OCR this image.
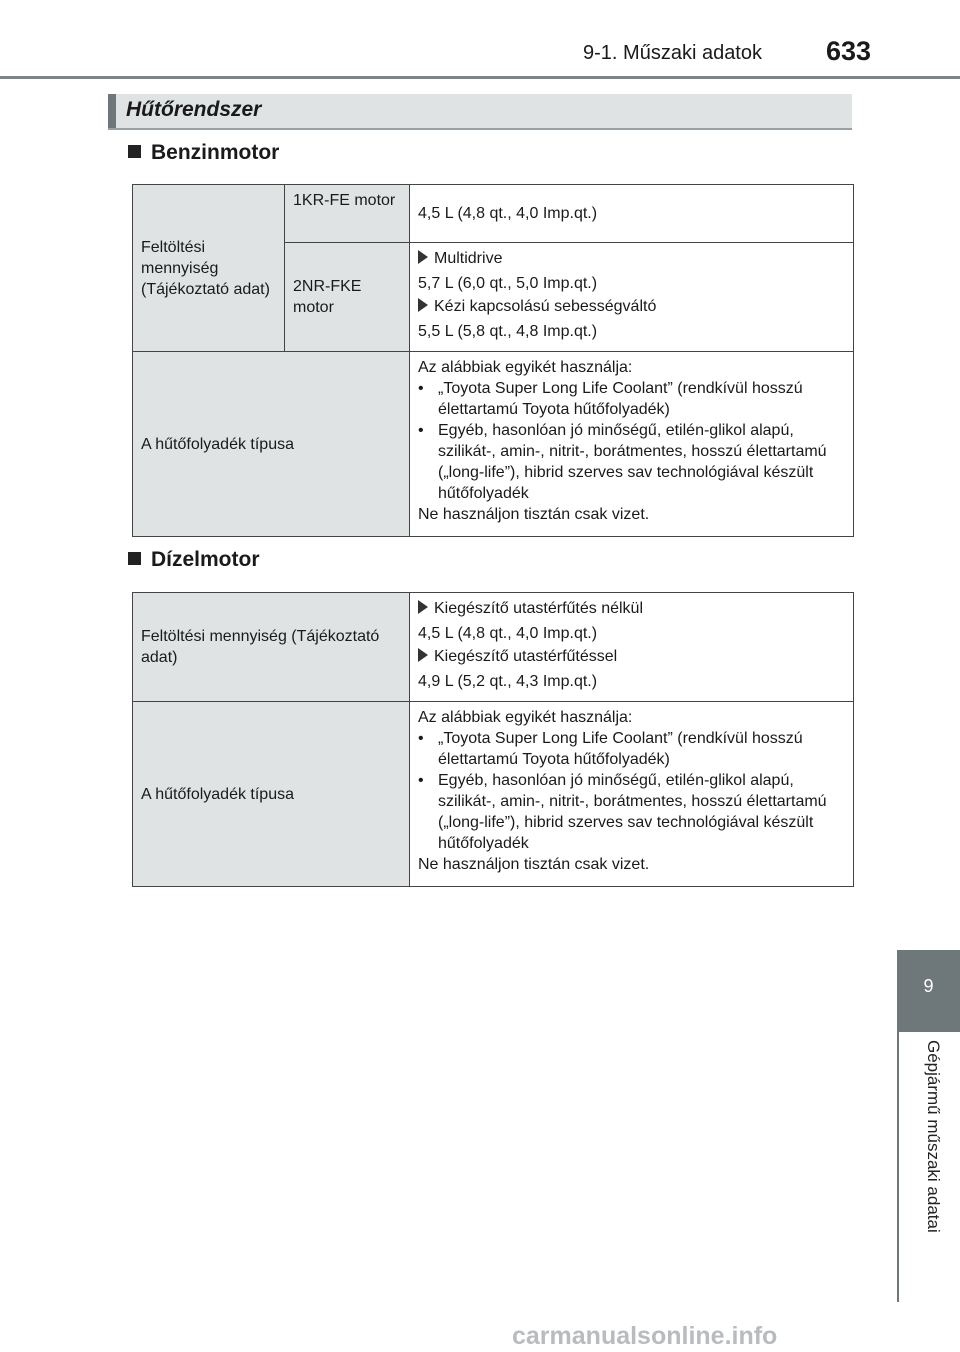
9-1. Műszaki adatok 633
Hűtőrendszer
Benzinmotor
Feltöltési mennyiség (Tájékoztató adat)	1KR-FE motor	4,5 L (4,8 qt., 4,0 Imp.qt.)
	2NR-FKE motor	Multidrive

5,7 L (6,0 qt., 5,0 Imp.qt.)

Kézi kapcsolású sebességváltó

5,5 L (5,8 qt., 4,8 Imp.qt.)

A hűtőfolyadék típusa		Az alábbiak egyikét használja:

• „Toyota Super Long Life Coolant” (rendkívül hosszú élettartamú Toyota hűtőfolyadék)

• Egyéb, hasonlóan jó minőségű, etilén-glikol alapú, szilikát-, amin-, nitrit-, borátmentes, hosszú élettartamú („long-life”), hibrid szerves sav technológiával készült hűtőfolyadék

Ne használjon tisztán csak vizet.

Dízelmotor
Feltöltési mennyiség (Tájékoztató adat)	Kiegészítő utastérfűtés nélkül

4,5 L (4,8 qt., 4,0 Imp.qt.)

Kiegészítő utastérfűtéssel

4,9 L (5,2 qt., 4,3 Imp.qt.)

A hűtőfolyadék típusa	Az alábbiak egyikét használja:

• „Toyota Super Long Life Coolant” (rendkívül hosszú élettartamú Toyota hűtőfolyadék)

• Egyéb, hasonlóan jó minőségű, etilén-glikol alapú, szilikát-, amin-, nitrit-, borátmentes, hosszú élettartamú („long-life”), hibrid szerves sav technológiával készült hűtőfolyadék

Ne használjon tisztán csak vizet.

9
Gépjármű műszaki adatai
carmanualsonline.info
